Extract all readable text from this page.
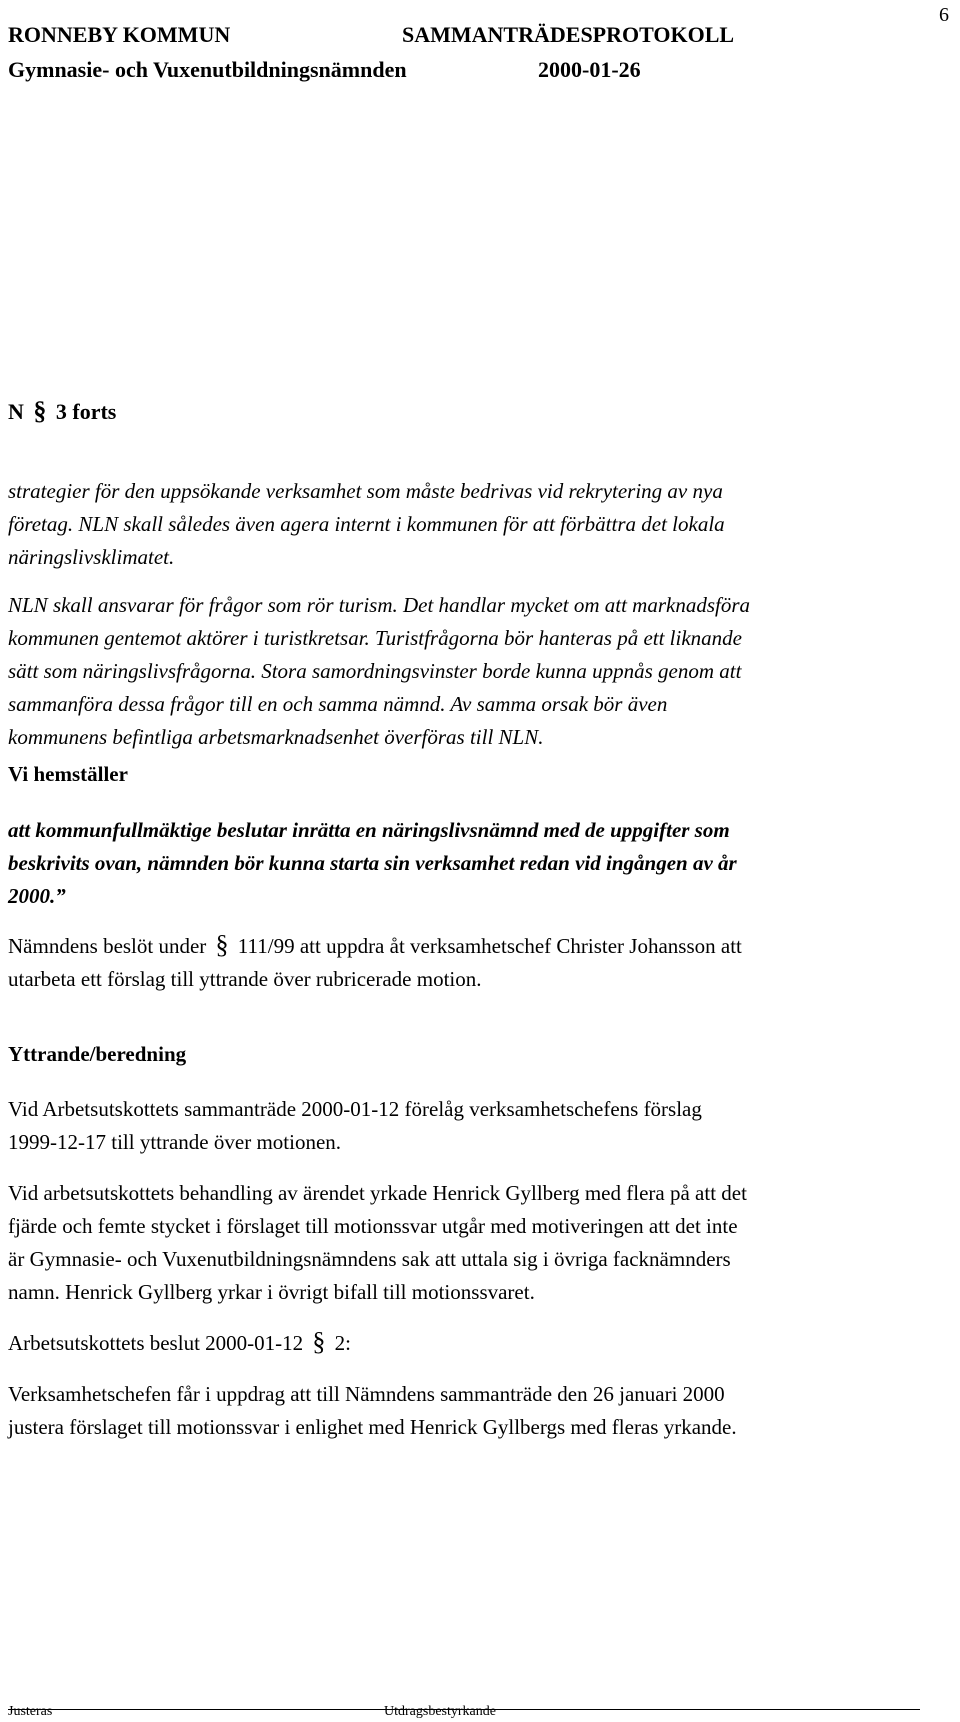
6
RONNEBY KOMMUN	SAMMANTRÄDESPROTOKOLL
Gymnasie- och Vuxenutbildningsnämnden	2000-01-26
N § 3 forts
strategier för den uppsökande verksamhet som måste bedrivas vid rekrytering av nya
företag. NLN skall således även agera internt i kommunen för att förbättra det lokala
näringslivsklimatet.
NLN skall ansvarar för frågor som rör turism. Det handlar mycket om att marknadsföra
kommunen gentemot aktörer i turistkretsar. Turistfrågorna bör hanteras på ett liknande
sätt som näringslivsfrågorna. Stora samordningsvinster borde kunna uppnås genom att
sammanföra dessa frågor till en och samma nämnd. Av samma orsak bör även
kommunens befintliga arbetsmarknadsenhet överföras till NLN.
Vi hemställer
att kommunfullmäktige beslutar inrätta en näringslivsnämnd med de uppgifter som
beskrivits ovan, nämnden bör kunna starta sin verksamhet redan vid ingången av år
2000.”
Nämndens beslöt under § 111/99 att uppdra åt verksamhetschef Christer Johansson att
utarbeta ett förslag till yttrande över rubricerade motion.
Yttrande/beredning
Vid Arbetsutskottets sammanträde 2000-01-12 förelåg verksamhetschefens förslag
1999-12-17 till yttrande över motionen.
Vid arbetsutskottets behandling av ärendet yrkade Henrick Gyllberg med flera på att det
fjärde och femte stycket i förslaget till motionssvar utgår med motiveringen att det inte
är Gymnasie- och Vuxenutbildningsnämndens sak att uttala sig i övriga facknämnders
namn. Henrick Gyllberg yrkar i övrigt bifall till motionssvaret.
Arbetsutskottets beslut 2000-01-12 § 2:
Verksamhetschefen får i uppdrag att till Nämndens sammanträde den 26 januari 2000
justera förslaget till motionssvar i enlighet med Henrick Gyllbergs med fleras yrkande.
Justeras	Utdragsbestyrkande
